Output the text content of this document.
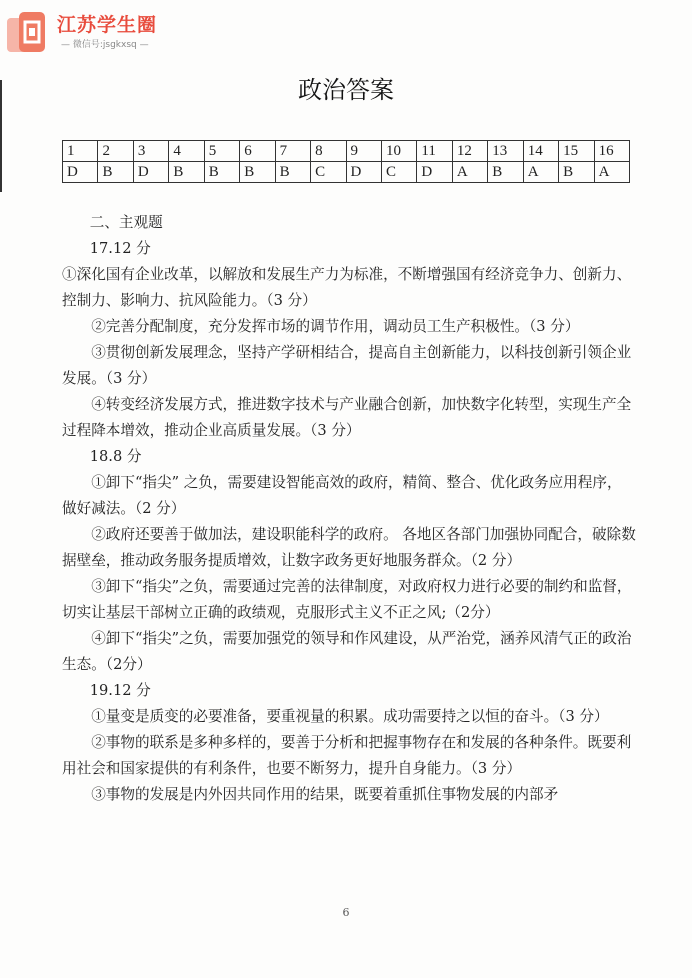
江苏学生圈
— 微信号:jsgkxsq —
政治答案
1	2	3	4	5	6	7	8	9	10	11	12	13	14	15	16
D	B	D	B	B	B	B	C	D	C	D	A	B	A	B	A

二、主观题

17.12 分

①深化国有企业改革，以解放和发展生产力为标准，不断增强国有经济竞争力、创新力、控制力、影响力、抗风险能力。（3 分）

②完善分配制度，充分发挥市场的调节作用，调动员工生产积极性。（3 分）

③贯彻创新发展理念，坚持产学研相结合，提高自主创新能力，以科技创新引领企业发展。（3 分）

④转变经济发展方式，推进数字技术与产业融合创新，加快数字化转型，实现生产全过程降本增效，推动企业高质量发展。（3 分）

18.8 分

①卸下“指尖” 之负，需要建设智能高效的政府，精简、整合、优化政务应用程序，做好减法。（2 分）

②政府还要善于做加法，建设职能科学的政府。 各地区各部门加强协同配合，破除数据壁垒，推动政务服务提质增效，让数字政务更好地服务群众。（2 分）

③卸下“指尖”之负，需要通过完善的法律制度，对政府权力进行必要的制约和监督，切实让基层干部树立正确的政绩观，克服形式主义不正之风;（2分）

④卸下“指尖”之负，需要加强党的领导和作风建设，从严治党，涵养风清气正的政治生态。（2分）

19.12 分

①量变是质变的必要准备，要重视量的积累。成功需要持之以恒的奋斗。（3 分）

②事物的联系是多种多样的，要善于分析和把握事物存在和发展的各种条件。既要利用社会和国家提供的有利条件，也要不断努力，提升自身能力。（3 分）

③事物的发展是内外因共同作用的结果，既要着重抓住事物发展的内部矛

6
